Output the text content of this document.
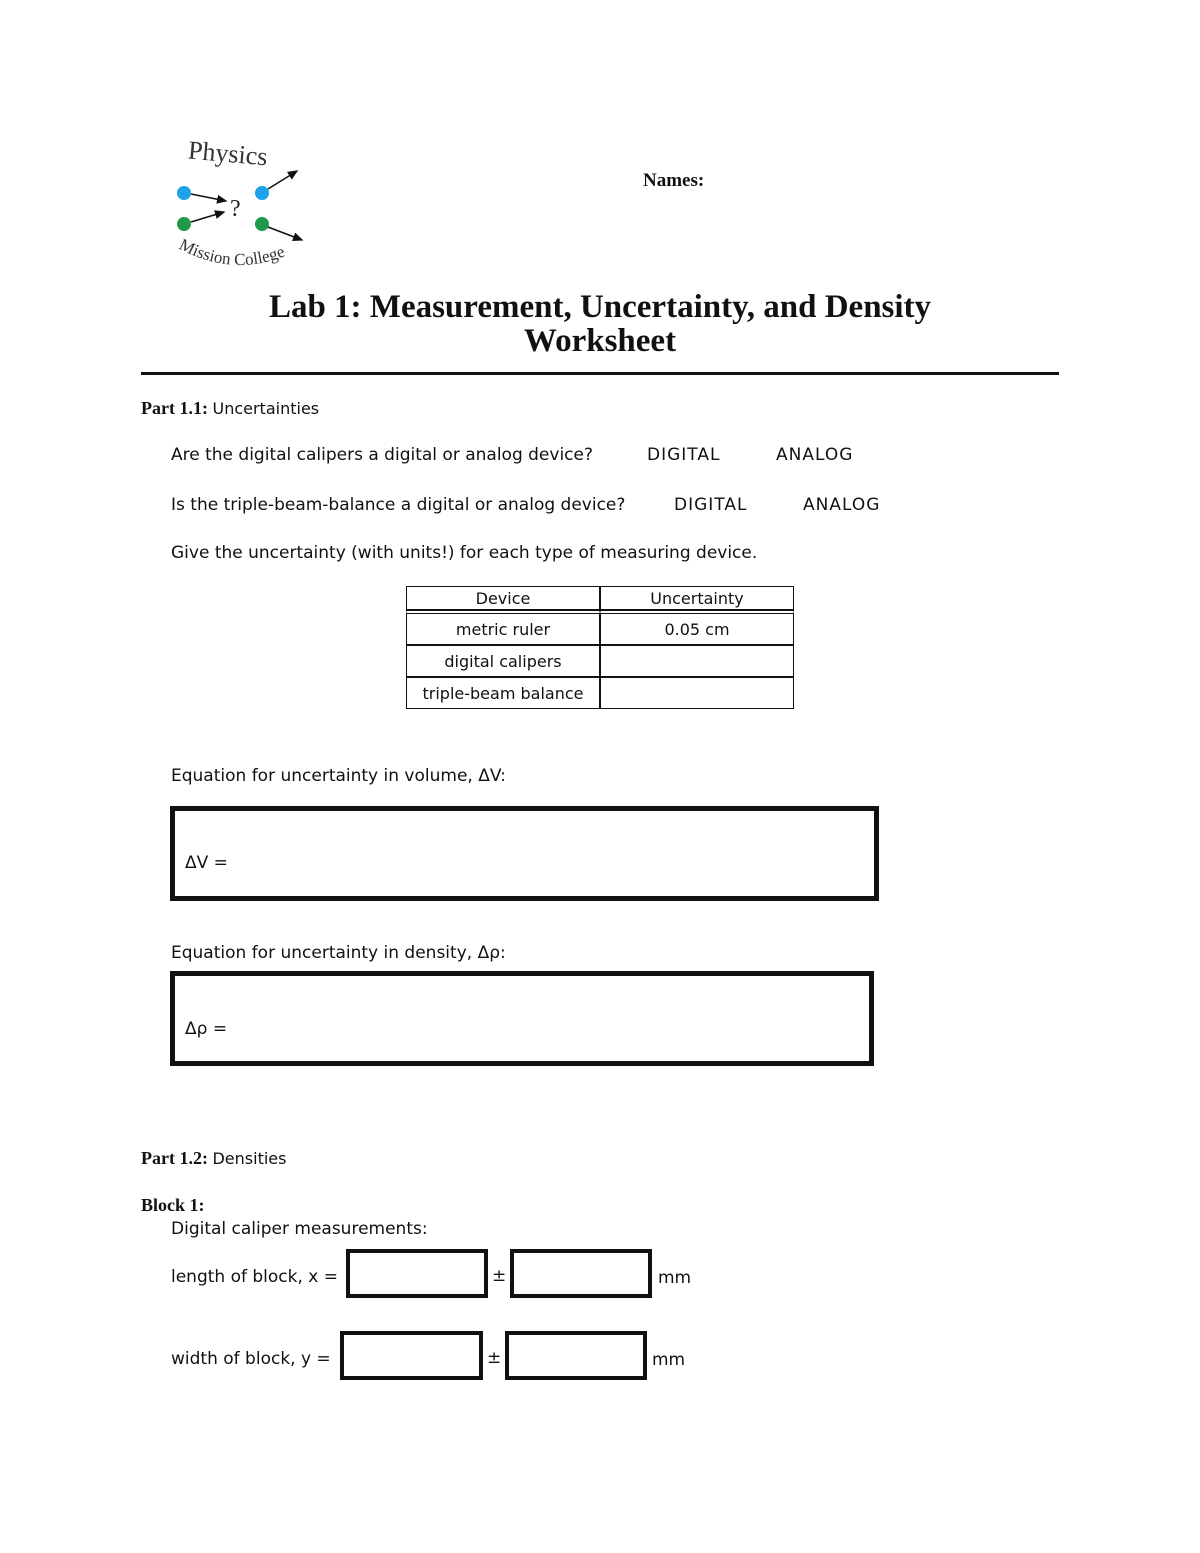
Physics
?
Mission College
Names:
Lab 1: Measurement, Uncertainty, and Density
Worksheet
Part 1.1: Uncertainties
Are the digital calipers a digital or analog device?	DIGITAL	ANALOG
Is the triple-beam-balance a digital or analog device?	DIGITAL	ANALOG
Give the uncertainty (with units!) for each type of measuring device.
Device	Uncertainty
metric ruler	0.05 cm
digital calipers	
triple-beam balance	
Equation for uncertainty in volume, ΔV:
ΔV =
Equation for uncertainty in density, Δρ:
Δρ =
Part 1.2: Densities
Block 1:
Digital caliper measurements:
length of block, x =	±	mm
width of block, y =	±	mm
